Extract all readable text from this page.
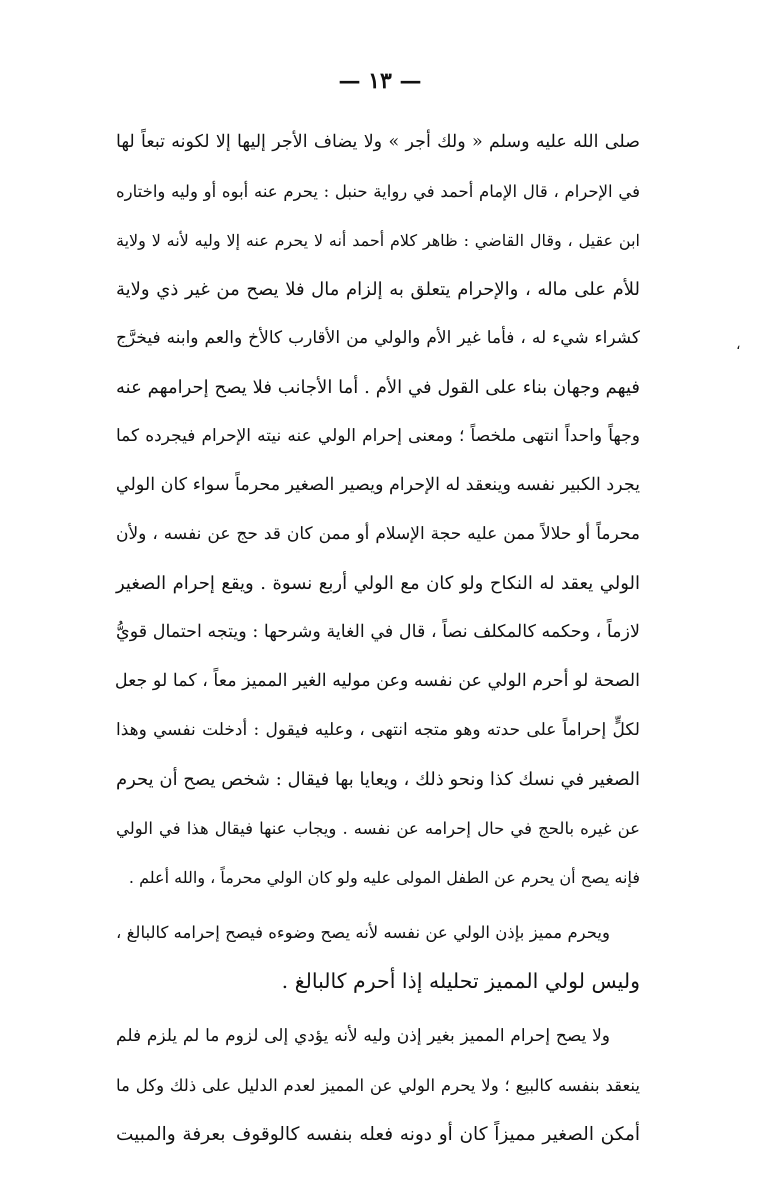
— ١٣ —
،
صلى الله عليه وسلم « ولك أجر » ولا يضاف الأجر إليها إلا لكونه تبعاً لها
في الإحرام ، قال الإمام أحمد في رواية حنبل : يحرم عنه أبوه أو وليه واختاره
ابن عقيل ، وقال القاضي : ظاهر كلام أحمد أنه لا يحرم عنه إلا وليه لأنه لا ولاية
للأم على ماله ، والإحرام يتعلق به إلزام مال فلا يصح من غير ذي ولاية
كشراء شيء له ، فأما غير الأم والولي من الأقارب كالأخ والعم وابنه فيخرَّج
فيهم وجهان بناء على القول في الأم . أما الأجانب فلا يصح إحرامهم عنه
وجهاً واحداً انتهى ملخصاً ؛ ومعنى إحرام الولي عنه نيته الإحرام فيجرده كما
يجرد الكبير نفسه وينعقد له الإحرام ويصير الصغير محرماً سواء كان الولي
محرماً أو حلالاً ممن عليه حجة الإسلام أو ممن كان قد حج عن نفسه ، ولأن
الولي يعقد له النكاح ولو كان مع الولي أربع نسوة . ويقع إحرام الصغير
لازماً ، وحكمه كالمكلف نصاً ، قال في الغاية وشرحها : ويتجه احتمال قويُّ
الصحة لو أحرم الولي عن نفسه وعن موليه الغير المميز معاً ، كما لو جعل
لكلٍّ إحراماً على حدته وهو متجه انتهى ، وعليه فيقول : أدخلت نفسي وهذا
الصغير في نسك كذا ونحو ذلك ، ويعايا بها فيقال : شخص يصح أن يحرم
عن غيره بالحج في حال إحرامه عن نفسه . ويجاب عنها فيقال هذا في الولي
فإنه يصح أن يحرم عن الطفل المولى عليه ولو كان الولي محرماً ، والله أعلم .
ويحرم مميز بإذن الولي عن نفسه لأنه يصح وضوءه فيصح إحرامه كالبالغ ،
وليس لولي المميز تحليله إذا أحرم كالبالغ .
ولا يصح إحرام المميز بغير إذن وليه لأنه يؤدي إلى لزوم ما لم يلزم فلم
ينعقد بنفسه كالبيع ؛ ولا يحرم الولي عن المميز لعدم الدليل على ذلك وكل ما
أمكن الصغير مميزاً كان أو دونه فعله بنفسه كالوقوف بعرفة والمبيت
